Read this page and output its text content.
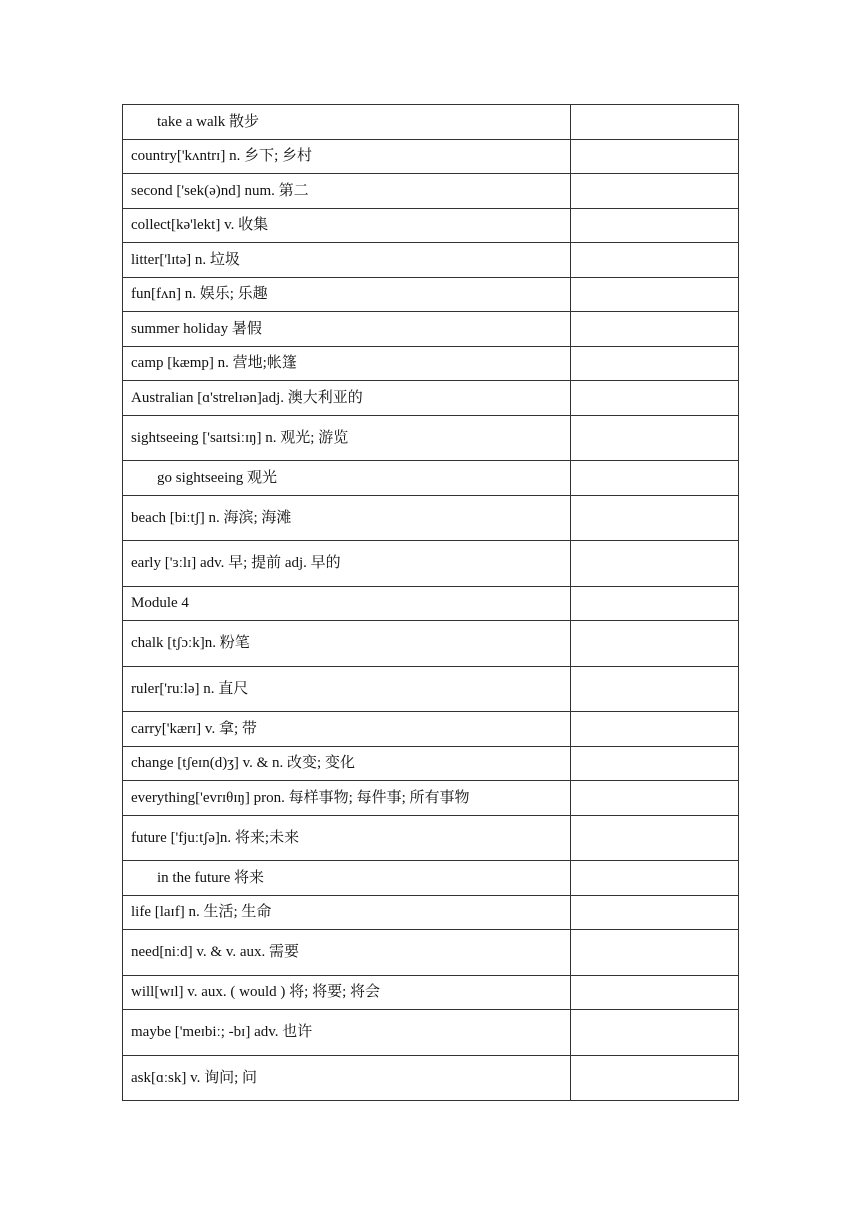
take a walk 散步	
country['kʌntrɪ] n. 乡下; 乡村	
second ['sek(ə)nd] num. 第二	
collect[kə'lekt] v. 收集	
litter['lɪtə] n. 垃圾	
fun[fʌn] n. 娱乐; 乐趣	
summer holiday 暑假	
camp [kæmp] n. 营地;帐篷	
Australian [ɑ'strelɪən]adj. 澳大利亚的	
sightseeing ['saɪtsiːɪŋ] n. 观光; 游览	
go sightseeing 观光	
beach [biːtʃ] n. 海滨; 海滩	
early ['ɜːlɪ] adv. 早; 提前 adj. 早的	
Module 4	
chalk [tʃɔːk]n. 粉笔	
ruler['ruːlə] n. 直尺	
carry['kærɪ] v. 拿; 带	
change [tʃeɪn(d)ʒ] v. & n. 改变; 变化	
everything['evrɪθɪŋ] pron. 每样事物; 每件事; 所有事物	
future ['fjuːtʃə]n. 将来;未来	
in the future 将来	
life [laɪf] n. 生活; 生命	
need[niːd] v. & v. aux. 需要	
will[wɪl] v. aux. ( would ) 将; 将要; 将会	
maybe ['meɪbiː; -bɪ] adv. 也许	
ask[ɑːsk] v. 询问; 问	
